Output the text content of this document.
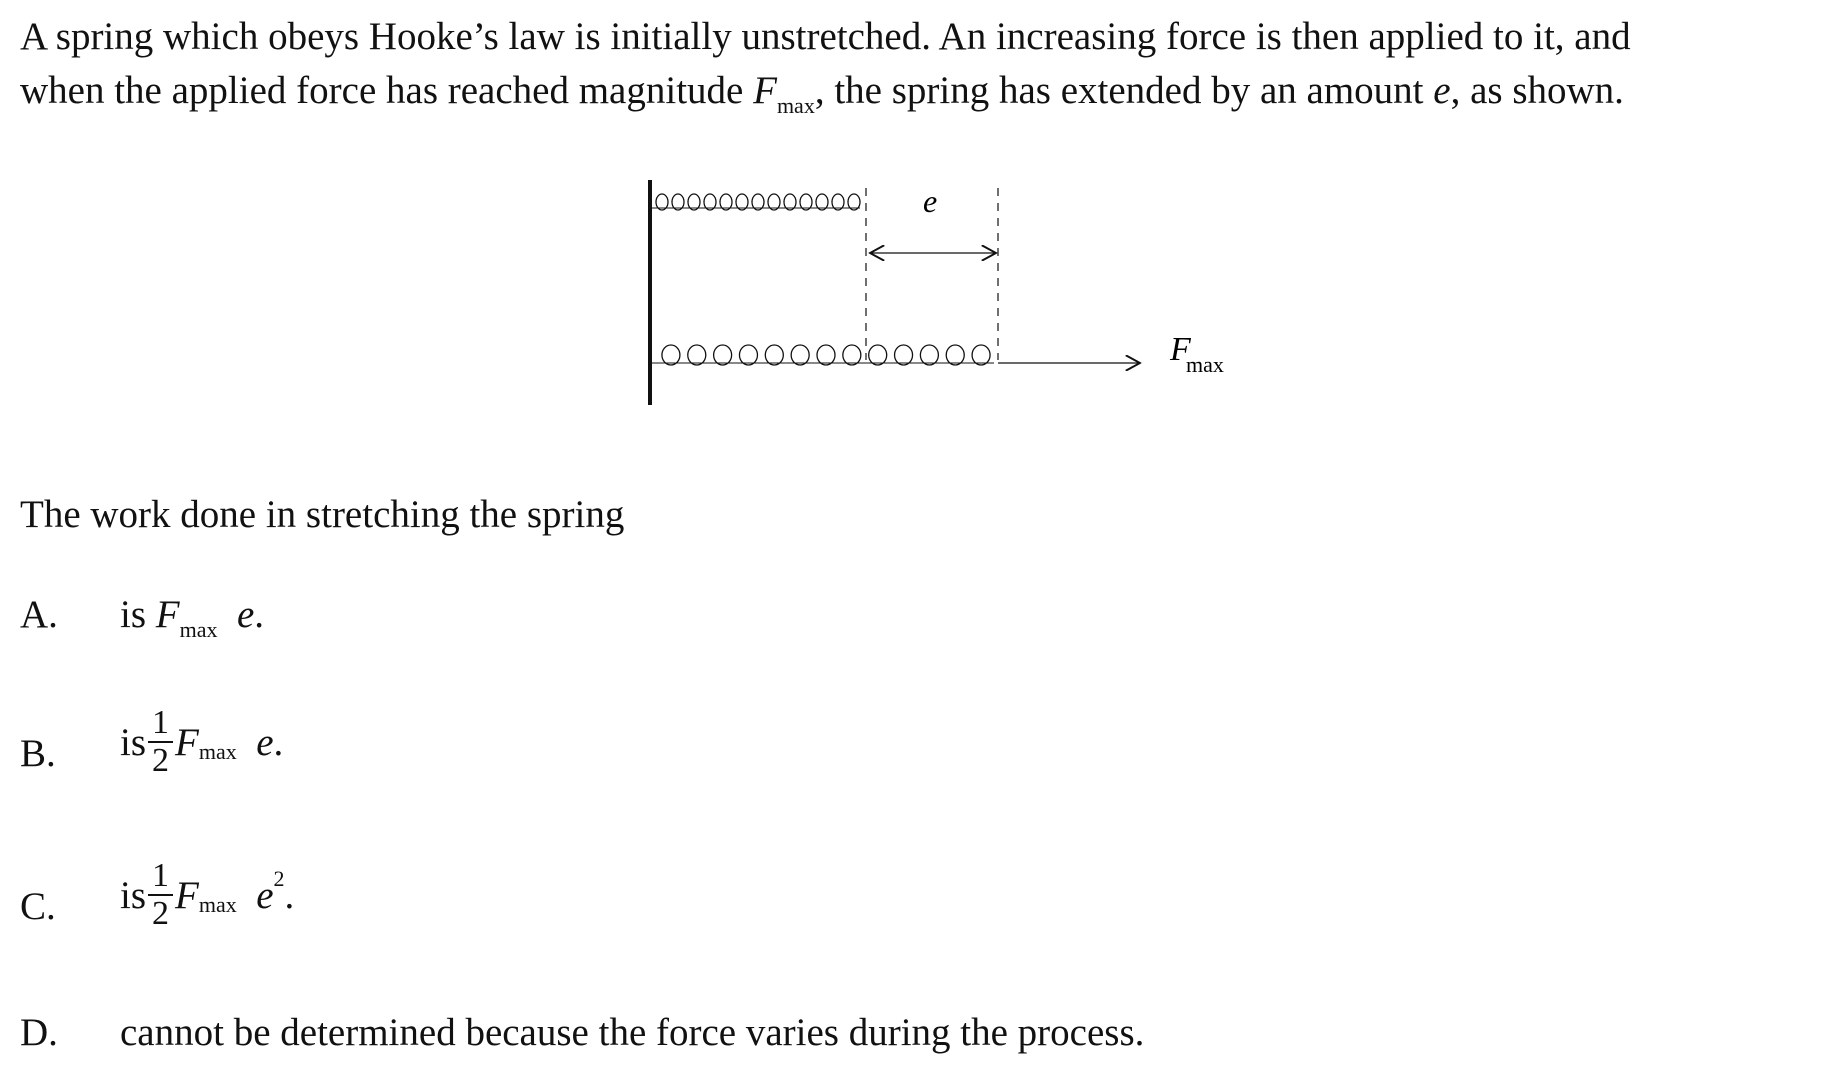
A spring which obeys Hooke’s law is initially unstretched. An increasing force is then applied to it, and
when the applied force has reached magnitude $F_{max}$, the spring has extended by an amount e, as shown.
e
F
max
The work done in stretching the spring
A. is $F_{max}$ e.
B. is $\frac{1}{2}$ F max
e .
C. is $\frac{1}{2}$ F max
e 2 .
D. cannot be determined because the force varies during the process.
